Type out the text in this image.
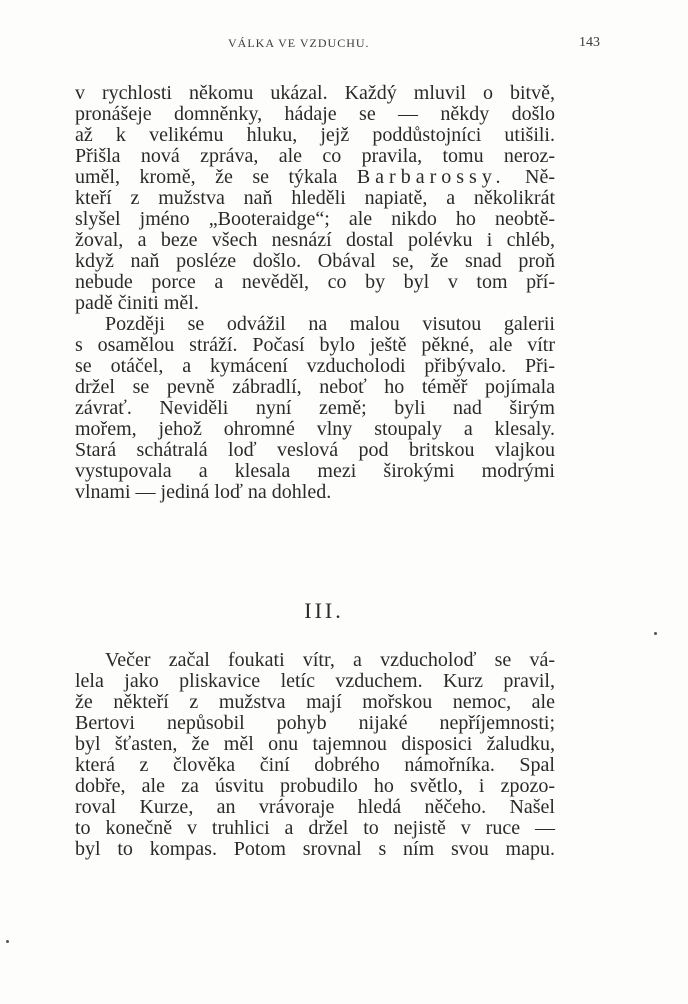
VÁLKA VE VZDUCHU.	143
v rychlosti někomu ukázal. Každý mluvil o bitvě,
pronášeje domněnky, hádaje se — někdy došlo
až k velikému hluku, jejž poddůstojníci utišili.
Přišla nová zpráva, ale co pravila, tomu neroz-
uměl, kromě, že se týkala Barbarossy. Ně-
kteří z mužstva naň hleděli napiatě, a několikrát
slyšel jméno „Booteraidge“; ale nikdo ho neobtě-
žoval, a beze všech nesnází dostal polévku i chléb,
když naň posléze došlo. Obával se, že snad proň
nebude porce a nevěděl, co by byl v tom pří-
padě činiti měl.
Později se odvážil na malou visutou galerii
s osamělou stráží. Počasí bylo ještě pěkné, ale vítr
se otáčel, a kymácení vzducholodi přibývalo. Při-
držel se pevně zábradlí, neboť ho téměř pojímala
závrať. Neviděli nyní země; byli nad širým
mořem, jehož ohromné vlny stoupaly a klesaly.
Stará schátralá loď veslová pod britskou vlajkou
vystupovala a klesala mezi širokými modrými
vlnami — jediná loď na dohled.
III.
Večer začal foukati vítr, a vzducholoď se vá-
lela jako pliskavice letíc vzduchem. Kurz pravil,
že někteří z mužstva mají mořskou nemoc, ale
Bertovi nepůsobil pohyb nijaké nepříjemnosti;
byl šťasten, že měl onu tajemnou disposici žaludku,
která z člověka činí dobrého námořníka. Spal
dobře, ale za úsvitu probudilo ho světlo, i zpozo-
roval Kurze, an vrávoraje hledá něčeho. Našel
to konečně v truhlici a držel to nejistě v ruce —
byl to kompas. Potom srovnal s ním svou mapu.
